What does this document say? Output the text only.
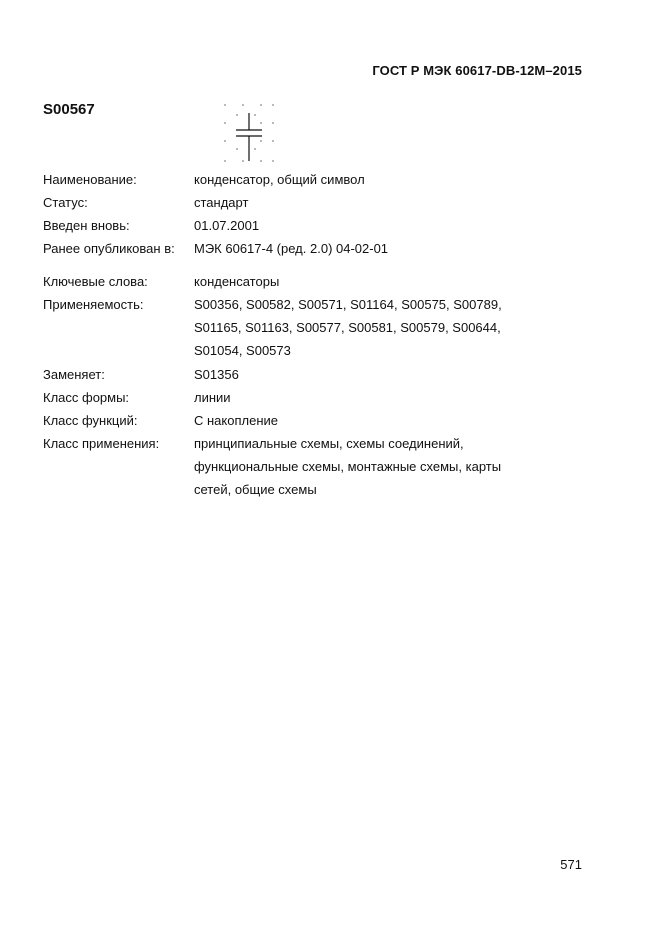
ГОСТ Р МЭК 60617-DB-12M–2015
S00567
Наименование:	конденсатор, общий символ
Статус:	стандарт
Введен вновь:	01.07.2001
Ранее опубликован в: МЭК 60617-4 (ред. 2.0) 04-02-01
Ключевые слова:	конденсаторы
Применяемость:	S00356, S00582, S00571, S01164, S00575, S00789,
S01165, S01163, S00577, S00581, S00579, S00644,
S01054, S00573
Заменяет:	S01356
Класс формы:	линии
Класс функций:	С накопление
Класс применения:	принципиальные схемы, схемы соединений,
функциональные схемы, монтажные схемы, карты
сетей, общие схемы
571
